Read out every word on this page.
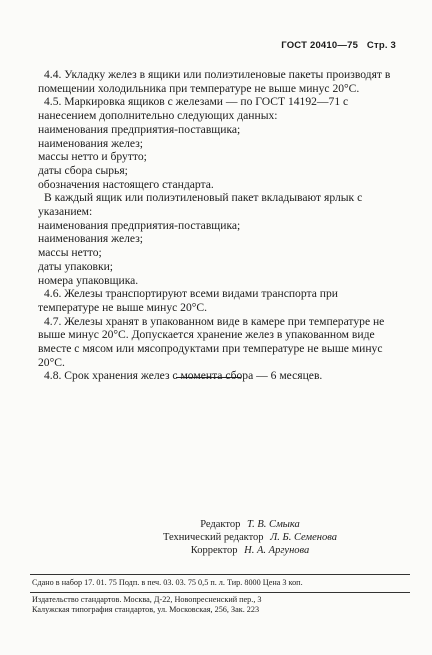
ГОСТ 20410—75 Стр. 3

4.4. Укладку желез в ящики или полиэтиленовые пакеты производят в помещении холодильника при температуре не выше минус 20°С.

4.5. Маркировка ящиков с железами — по ГОСТ 14192—71 с нанесением дополнительно следующих данных:

наименования предприятия-поставщика;

наименования желез;

массы нетто и брутто;

даты сбора сырья;

обозначения настоящего стандарта.

В каждый ящик или полиэтиленовый пакет вкладывают ярлык с указанием:

наименования предприятия-поставщика;

наименования желез;

массы нетто;

даты упаковки;

номера упаковщика.

4.6. Железы транспортируют всеми видами транспорта при температуре не выше минус 20°С.

4.7. Железы хранят в упакованном виде в камере при температуре не выше минус 20°С. Допускается хранение желез в упакованном виде вместе с мясом или мясопродуктами при температуре не выше минус 20°С.

4.8. Срок хранения желез с момента сбора — 6 месяцев.

Редактор Т. В. Смыка
Технический редактор Л. Б. Семенова
Корректор Н. А. Аргунова
Сдано в набор 17. 01. 75 Подп. в печ. 03. 03. 75 0,5 п. л. Тир. 8000 Цена 3 коп.
Издательство стандартов. Москва, Д-22, Новопресненский пер., 3
Калужская типография стандартов, ул. Московская, 256, Зак. 223
